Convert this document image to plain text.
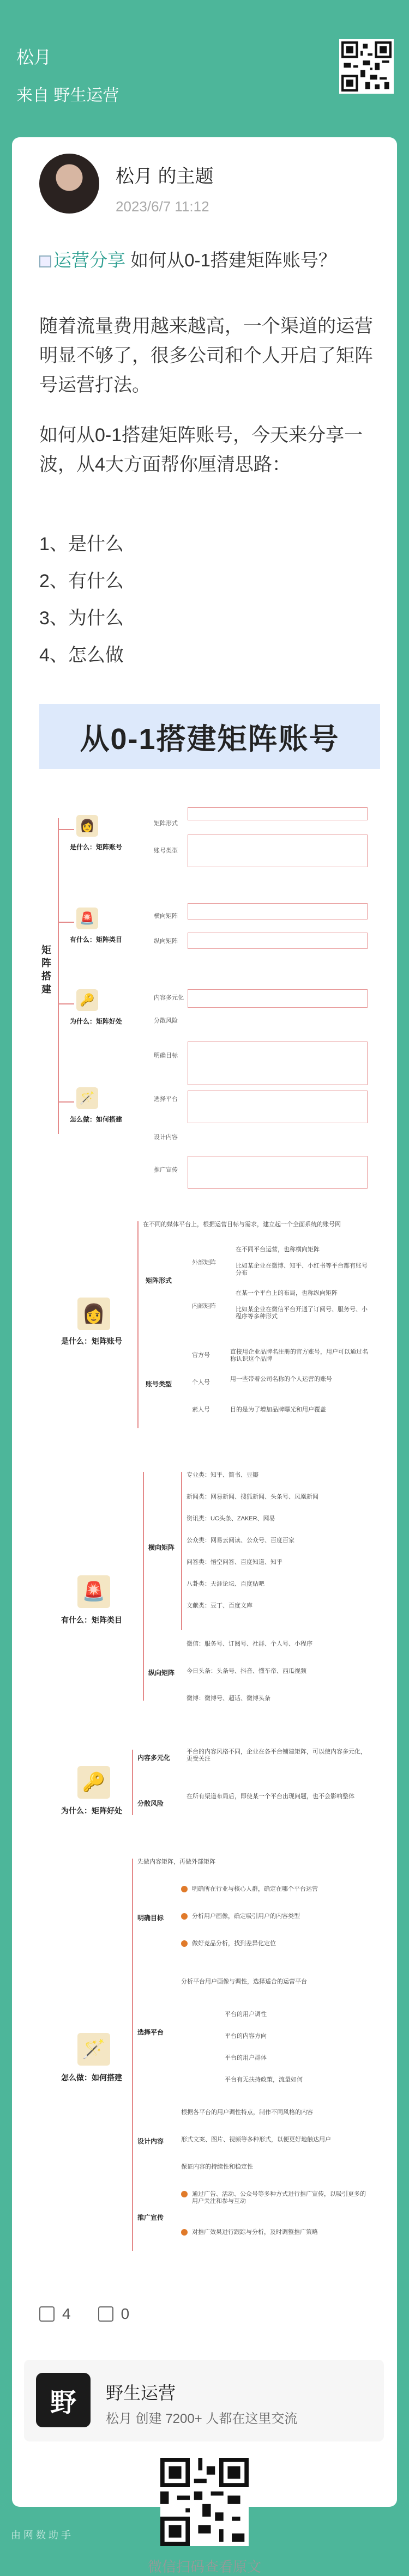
松月
来自 野生运营
松月 的主题
2023/6/7 11:12
运营分享 如何从0-1搭建矩阵账号？
随着流量费用越来越高，一个渠道的运营明显不够了，很多公司和个人开启了矩阵号运营打法。
如何从0-1搭建矩阵账号，今天来分享一波，从4大方面帮你厘清思路：
1、是什么
2、有什么
3、为什么
4、怎么做
从0-1搭建矩阵账号
矩阵搭建
👩
是什么：矩阵账号
矩阵形式
账号类型
🚨
有什么：矩阵类目
横向矩阵
纵向矩阵
🔑
为什么：矩阵好处
内容多元化
分散风险
🪄
怎么做：如何搭建
明确目标
选择平台
设计内容
推广宣传
👩
是什么：矩阵账号
在不同的媒体平台上，根据运营目标与需求，建立起一个全面系统的账号网
矩阵形式
外部矩阵
内部矩阵
在不同平台运营，也称横向矩阵
比如某企业在微博、知乎、小红书等平台都有账号分布
在某一个平台上的布局，也称纵向矩阵
比如某企业在微信平台开通了订阅号、服务号、小程序等多种形式
账号类型
官方号
个人号
素人号
直接用企业品牌名注册的官方账号，用户可以通过名称认识这个品牌
用一些带着公司名称的个人运营的账号
目的是为了增加品牌曝光和用户覆盖
🚨
有什么：矩阵类目
横向矩阵
专业类：知乎、简书、豆瓣
新闻类：网易新闻、搜狐新闻、头条号、凤凰新闻
资讯类：UC头条、ZAKER、网易
公众类：网易云阅读、公众号、百度百家
问答类：悟空问答、百度知道、知乎
八卦类：天涯论坛、百度贴吧
文献类：豆丁、百度文库
纵向矩阵
微信：服务号、订阅号、社群、个人号、小程序
今日头条：头条号、抖音、懂车帝、西瓜视频
微博：微博号、超话、微博头条
🔑
为什么：矩阵好处
内容多元化
分散风险
平台的内容风格不同，企业在各平台铺建矩阵，可以使内容多元化，更受关注
在所有渠道布局后，即使某一个平台出现问题，也不会影响整体
🪄
怎么做：如何搭建
先做内容矩阵，再做外部矩阵
明确目标
明确所在行业与核心人群，确定在哪个平台运营
分析用户画像，确定吸引用户的内容类型
做好竞品分析，找到差异化定位
选择平台
分析平台用户画像与调性，选择适合的运营平台
平台的用户调性
平台的内容方向
平台的用户群体
平台有无扶持政策，流量如何
设计内容
根据各平台的用户调性特点，制作不同风格的内容
形式文案、图片、视频等多种形式，以便更好地触达用户
保证内容的持续性和稳定性
推广宣传
通过广告、活动、公众号等多种方式进行推广宣传，以吸引更多的用户关注和参与互动
对推广效果进行跟踪与分析，及时调整推广策略
4	0
野	野生运营
松月 创建 7200+ 人都在这里交流
微信扫码查看原文
由 网 数 助 手
